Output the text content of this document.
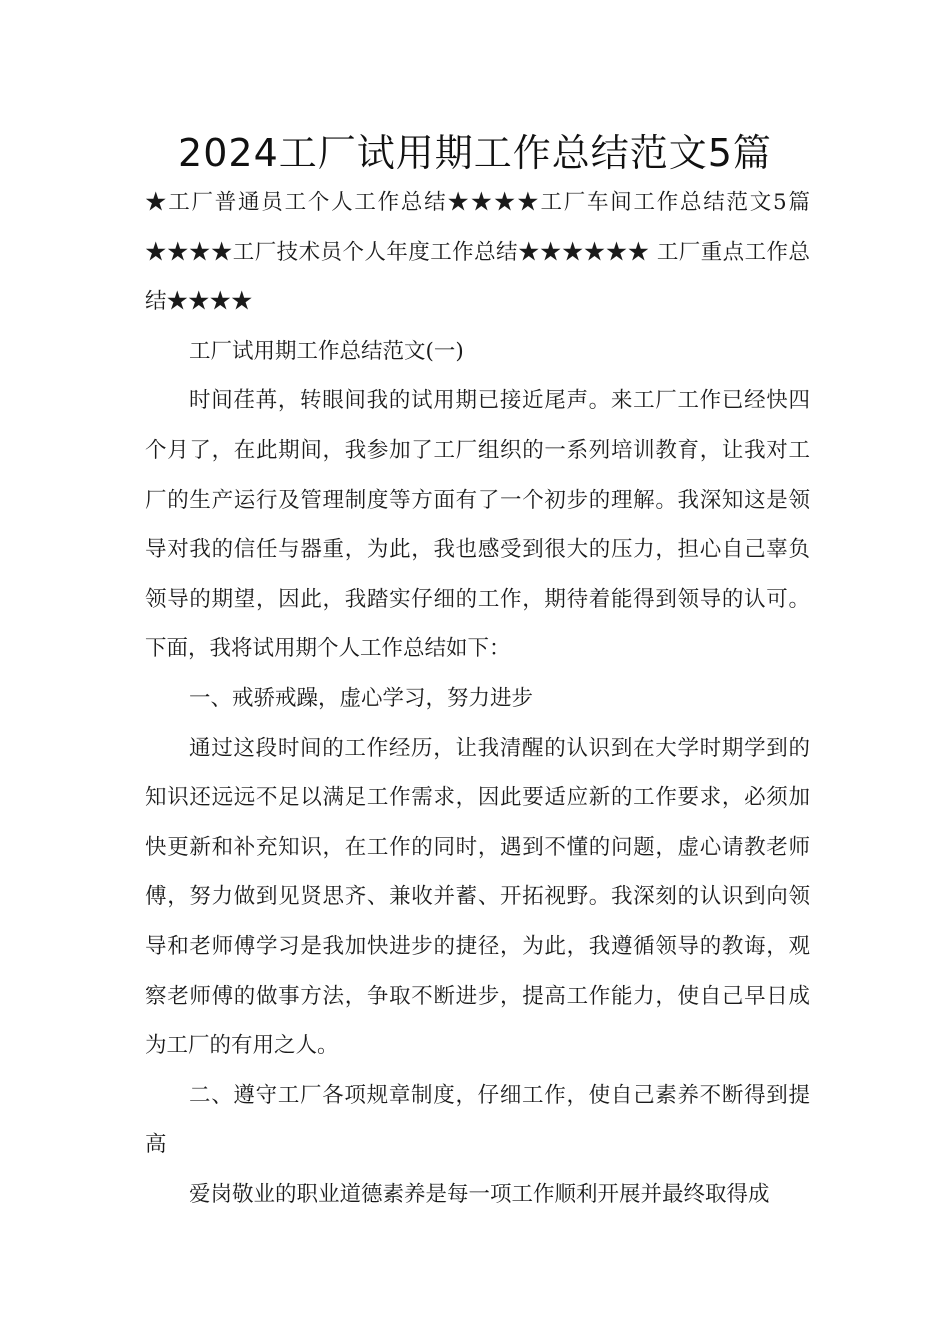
2024工厂试用期工作总结范文5篇

★工厂普通员工个人工作总结★★★★工厂车间工作总结范文5篇★★★★工厂技术员个人年度工作总结★★★★★★ 工厂重点工作总结★★★★

工厂试用期工作总结范文(一)

时间荏苒，转眼间我的试用期已接近尾声。来工厂工作已经快四个月了，在此期间，我参加了工厂组织的一系列培训教育，让我对工厂的生产运行及管理制度等方面有了一个初步的理解。我深知这是领导对我的信任与器重，为此，我也感受到很大的压力，担心自己辜负领导的期望，因此，我踏实仔细的工作，期待着能得到领导的认可。下面，我将试用期个人工作总结如下：

一、戒骄戒躁，虚心学习，努力进步

通过这段时间的工作经历，让我清醒的认识到在大学时期学到的知识还远远不足以满足工作需求，因此要适应新的工作要求，必须加快更新和补充知识，在工作的同时，遇到不懂的问题，虚心请教老师傅，努力做到见贤思齐、兼收并蓄、开拓视野。我深刻的认识到向领导和老师傅学习是我加快进步的捷径，为此，我遵循领导的教诲，观察老师傅的做事方法，争取不断进步，提高工作能力，使自己早日成为工厂的有用之人。

二、遵守工厂各项规章制度，仔细工作，使自己素养不断得到提高

爱岗敬业的职业道德素养是每一项工作顺利开展并最终取得成
